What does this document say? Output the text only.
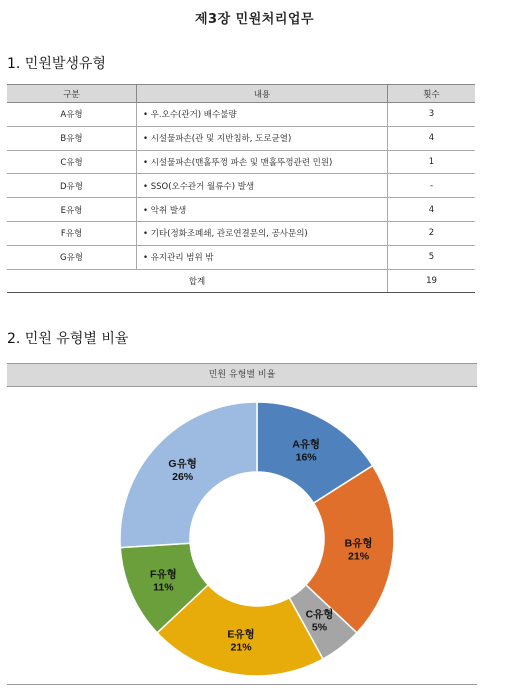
제3장 민원처리업무
1. 민원발생유형
구분	내용	횟수
A유형	• 우.오수(관거) 배수불량	3
B유형	• 시설물파손(관 및 지반침하, 도로균열)	4
C유형	• 시설물파손(맨홀뚜껑 파손 및 맨홀뚜껑관련 민원)	1
D유형	• SSO(오수관거 월류수) 발생	-
E유형	• 악취 발생	4
F유형	• 기타(정화조폐쇄, 관로연결문의, 공사문의)	2
G유형	• 유지관리 범위 밖	5
합계		19
2. 민원 유형별 비율
민원 유형별 비율
A유형 16%
B유형 21%
C유형 5%
E유형 21%
F유형 11%
G유형 26%
